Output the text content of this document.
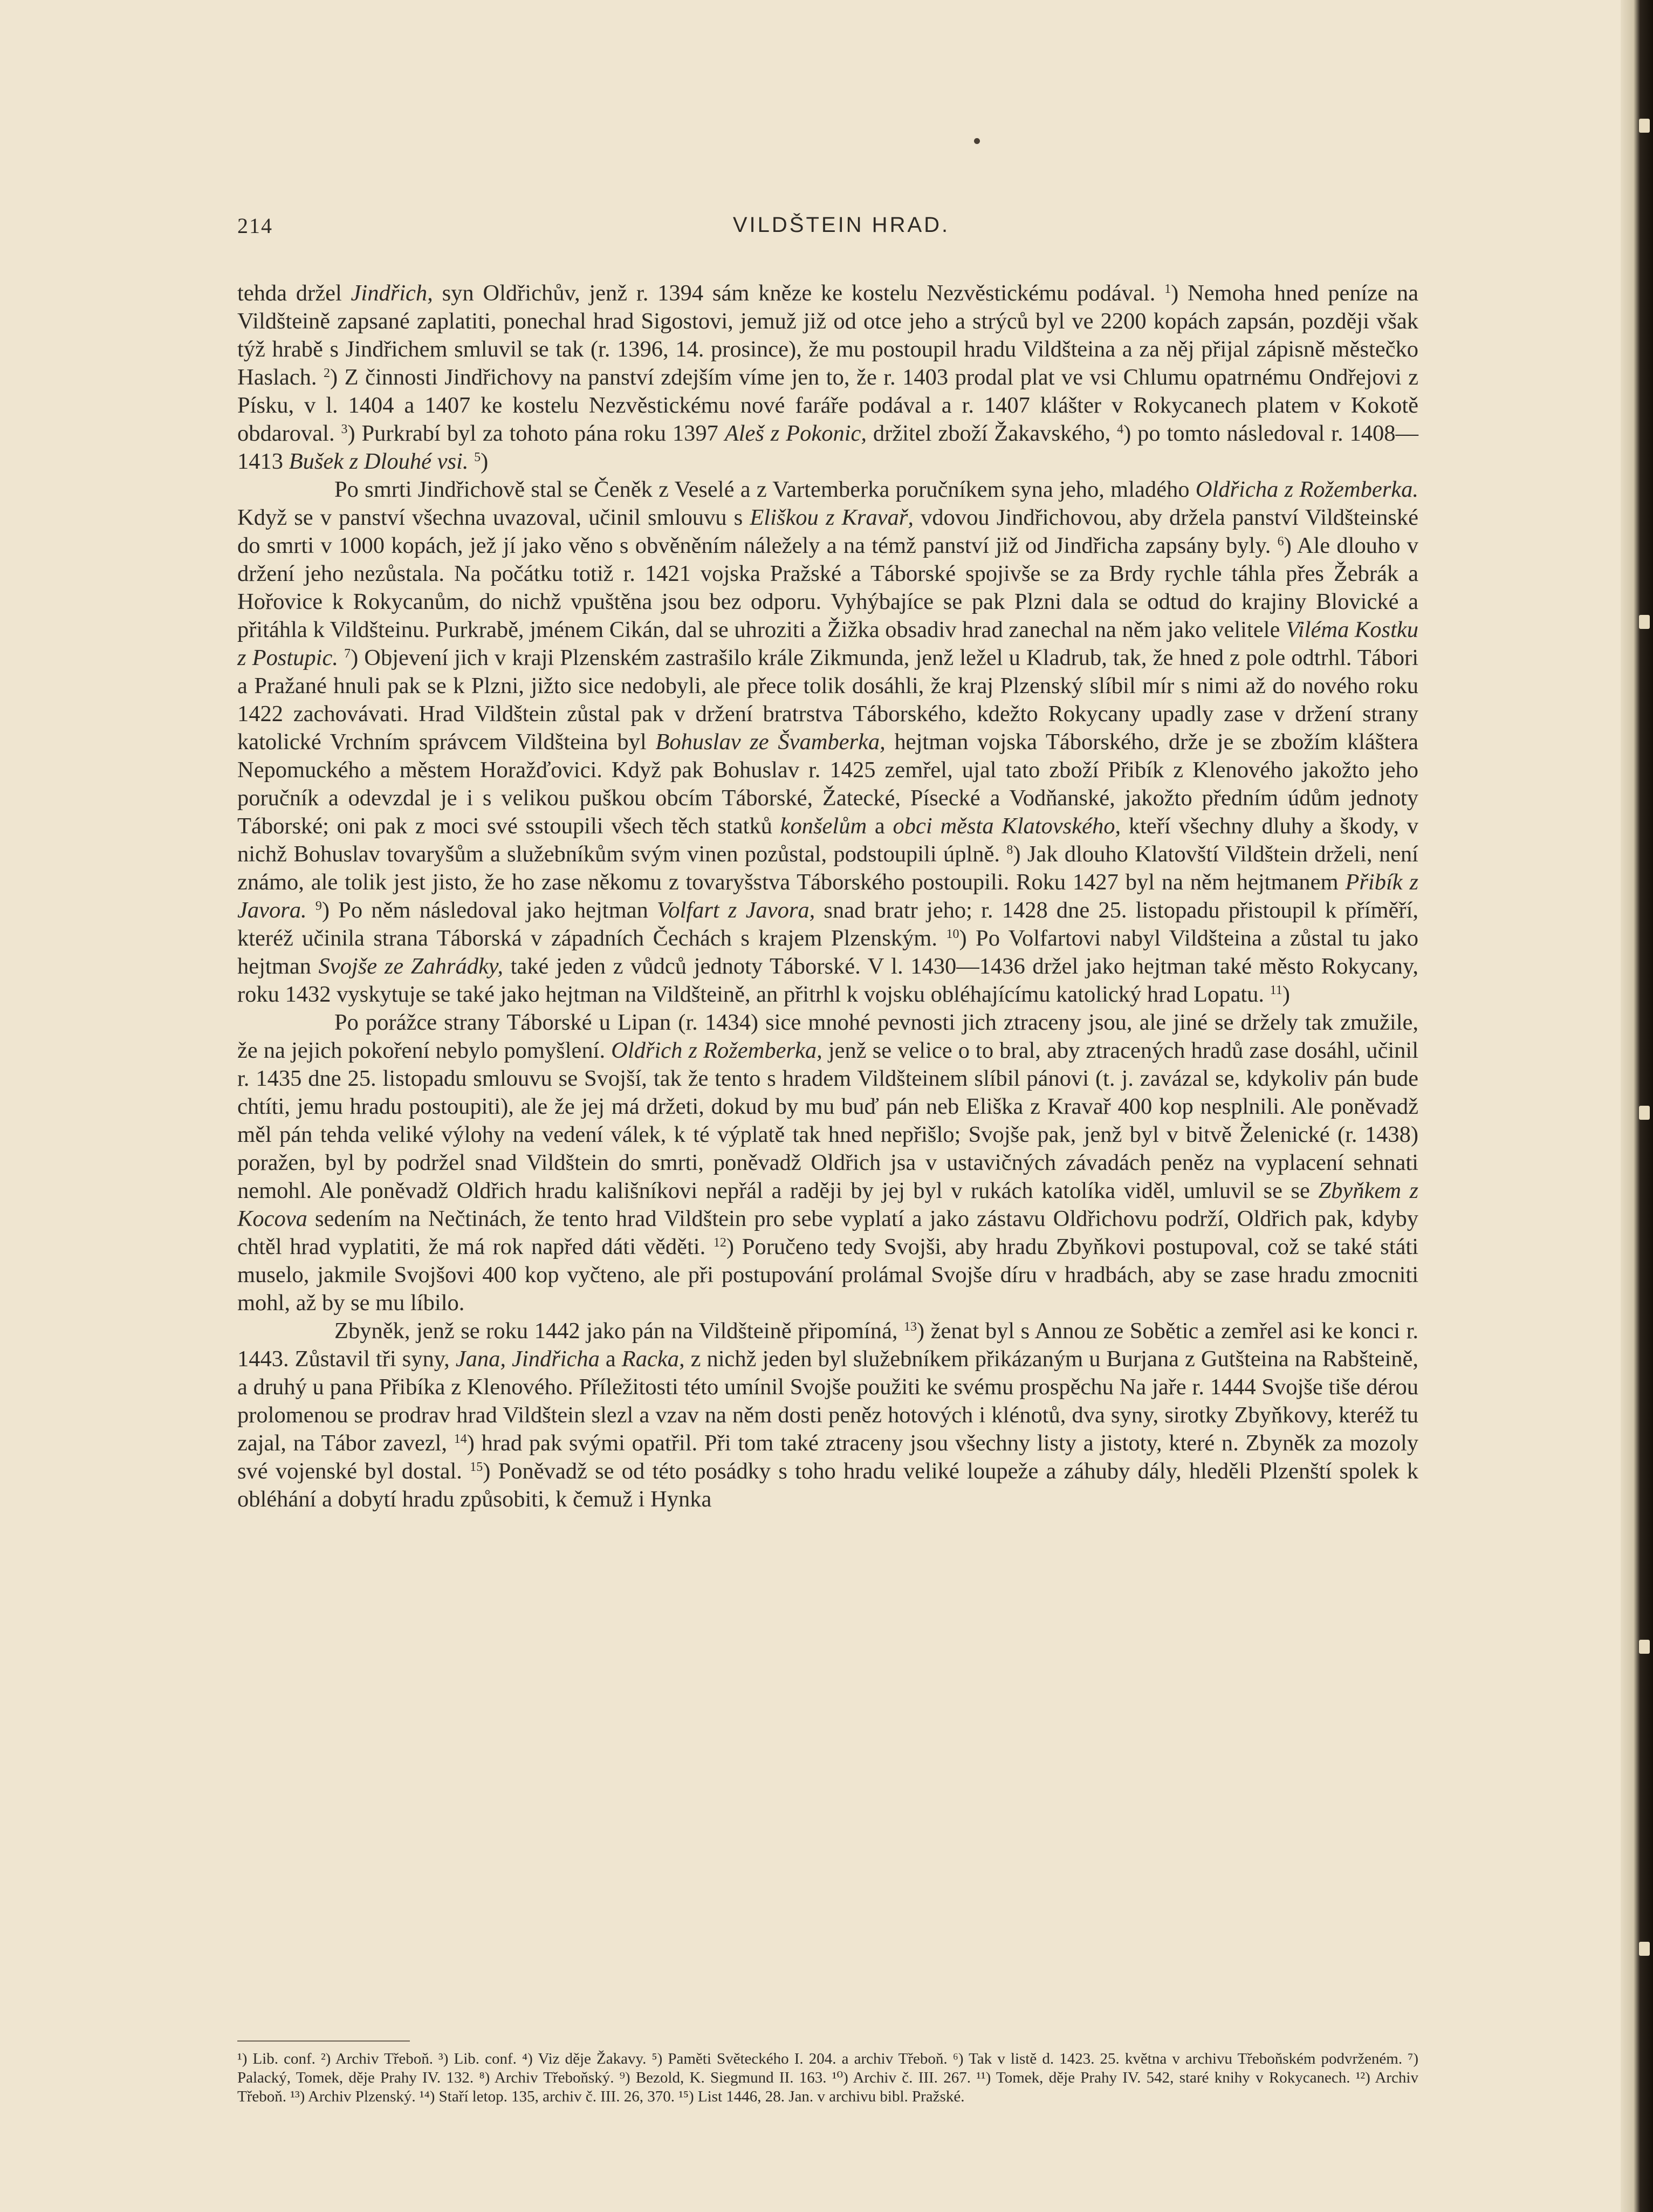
214	VILDŠTEIN HRAD.

tehda držel Jindřich, syn Oldřichův, jenž r. 1394 sám kněze ke kostelu Nezvěstickému podával. $^1$) Nemoha hned peníze na Vildšteině zapsané zaplatiti, ponechal hrad Sigostovi, jemuž již od otce jeho a strýců byl ve 2200 kopách zapsán, později však týž hrabě s Jindřichem smluvil se tak (r. 1396, 14. prosince), že mu postoupil hradu Vildšteina a za něj přijal zápisně městečko Haslach. $^2$) Z činnosti Jindřichovy na panství zdejším víme jen to, že r. 1403 prodal plat ve vsi Chlumu opatrnému Ondřejovi z Písku, v l. 1404 a 1407 ke kostelu Nezvěstickému nové faráře podával a r. 1407 klášter v Rokycanech platem v Kokotě obdaroval. $^3$) Purkrabí byl za tohoto pána roku 1397 Aleš z Pokonic, držitel zboží Žakavského, $^4$) po tomto následoval r. 1408—1413 Bušek z Dlouhé vsi. $^5$)

Po smrti Jindřichově stal se Čeněk z Veselé a z Vartemberka poručníkem syna jeho, mladého Oldřicha z Rožemberka. Když se v panství všechna uvazoval, učinil smlouvu s Eliškou z Kravař, vdovou Jindřichovou, aby držela panství Vildšteinské do smrti v 1000 kopách, jež jí jako věno s obvěněním náležely a na témž panství již od Jindřicha zapsány byly. $^6$) Ale dlouho v držení jeho nezůstala. Na počátku totiž r. 1421 vojska Pražské a Táborské spojivše se za Brdy rychle táhla přes Žebrák a Hořovice k Rokycanům, do nichž vpuštěna jsou bez odporu. Vyhýbajíce se pak Plzni dala se odtud do krajiny Blovické a přitáhla k Vildšteinu. Purkrabě, jménem Cikán, dal se uhroziti a Žižka obsadiv hrad zanechal na něm jako velitele Viléma Kostku z Postupic. $^7$) Objevení jich v kraji Plzenském zastrašilo krále Zikmunda, jenž ležel u Kladrub, tak, že hned z pole odtrhl. Tábori a Pražané hnuli pak se k Plzni, jižto sice nedobyli, ale přece tolik dosáhli, že kraj Plzenský slíbil mír s nimi až do nového roku 1422 zachovávati. Hrad Vildštein zůstal pak v držení bratrstva Táborského, kdežto Rokycany upadly zase v držení strany katolické Vrchním správcem Vildšteina byl Bohuslav ze Švamberka, hejtman vojska Táborského, drže je se zbožím kláštera Nepomuckého a městem Horažďovici. Když pak Bohuslav r. 1425 zemřel, ujal tato zboží Přibík z Klenového jakožto jeho poručník a odevzdal je i s velikou puškou obcím Táborské, Žatecké, Písecké a Vodňanské, jakožto předním údům jednoty Táborské; oni pak z moci své sstoupili všech těch statků konšelům a obci města Klatovského, kteří všechny dluhy a škody, v nichž Bohuslav tovaryšům a služebníkům svým vinen pozůstal, podstoupili úplně. $^8$) Jak dlouho Klatovští Vildštein drželi, není známo, ale tolik jest jisto, že ho zase někomu z tovaryšstva Táborského postoupili. Roku 1427 byl na něm hejtmanem Přibík z Javora. $^9$) Po něm následoval jako hejtman Volfart z Javora, snad bratr jeho; r. 1428 dne 25. listopadu přistoupil k příměří, kteréž učinila strana Táborská v západních Čechách s krajem Plzenským. $^{10}$) Po Volfartovi nabyl Vildšteina a zůstal tu jako hejtman Svojše ze Zahrádky, také jeden z vůdců jednoty Táborské. V l. 1430—1436 držel jako hejtman také město Rokycany, roku 1432 vyskytuje se také jako hejtman na Vildšteině, an přitrhl k vojsku obléhajícímu katolický hrad Lopatu. $^{11}$)

Po porážce strany Táborské u Lipan (r. 1434) sice mnohé pevnosti jich ztraceny jsou, ale jiné se držely tak zmužile, že na jejich pokoření nebylo pomyšlení. Oldřich z Rožemberka, jenž se velice o to bral, aby ztracených hradů zase dosáhl, učinil r. 1435 dne 25. listopadu smlouvu se Svojší, tak že tento s hradem Vildšteinem slíbil pánovi (t. j. zavázal se, kdykoliv pán bude chtíti, jemu hradu postoupiti), ale že jej má držeti, dokud by mu buď pán neb Eliška z Kravař 400 kop nesplnili. Ale poněvadž měl pán tehda veliké výlohy na vedení válek, k té výplatě tak hned nepřišlo; Svojše pak, jenž byl v bitvě Želenické (r. 1438) poražen, byl by podržel snad Vildštein do smrti, poněvadž Oldřich jsa v ustavičných závadách peněz na vyplacení sehnati nemohl. Ale poněvadž Oldřich hradu kališníkovi nepřál a raději by jej byl v rukách katolíka viděl, umluvil se se Zbyňkem z Kocova sedením na Nečtinách, že tento hrad Vildštein pro sebe vyplatí a jako zástavu Oldřichovu podrží, Oldřich pak, kdyby chtěl hrad vyplatiti, že má rok napřed dáti věděti. $^{12}$) Poručeno tedy Svojši, aby hradu Zbyňkovi postupoval, což se také státi muselo, jakmile Svojšovi 400 kop vyčteno, ale při postupování prolámal Svojše díru v hradbách, aby se zase hradu zmocniti mohl, až by se mu líbilo.

Zbyněk, jenž se roku 1442 jako pán na Vildšteině připomíná, $^{13}$) ženat byl s Annou ze Sobětic a zemřel asi ke konci r. 1443. Zůstavil tři syny, Jana, Jindřicha a Racka, z nichž jeden byl služebníkem přikázaným u Burjana z Gutšteina na Rabšteině, a druhý u pana Přibíka z Klenového. Příležitosti této umínil Svojše použiti ke svému prospěchu Na jaře r. 1444 Svojše tiše dérou prolomenou se prodrav hrad Vildštein slezl a vzav na něm dosti peněz hotových i klénotů, dva syny, sirotky Zbyňkovy, kteréž tu zajal, na Tábor zavezl, $^{14}$) hrad pak svými opatřil. Při tom také ztraceny jsou všechny listy a jistoty, které n. Zbyněk za mozoly své vojenské byl dostal. $^{15}$) Poněvadž se od této posádky s toho hradu veliké loupeže a záhuby dály, hleděli Plzenští spolek k obléhání a dobytí hradu způsobiti, k čemuž i Hynka

¹) Lib. conf. ²) Archiv Třeboň. ³) Lib. conf. ⁴) Viz děje Žakavy. ⁵) Paměti Světeckého I. 204. a archiv Třeboň. ⁶) Tak v listě d. 1423. 25. května v archivu Třeboňském podvrženém. ⁷) Palacký, Tomek, děje Prahy IV. 132. ⁸) Archiv Třeboňský. ⁹) Bezold, K. Siegmund II. 163. ¹⁰) Archiv č. III. 267. ¹¹) Tomek, děje Prahy IV. 542, staré knihy v Rokycanech. ¹²) Archiv Třeboň. ¹³) Archiv Plzenský. ¹⁴) Staří letop. 135, archiv č. III. 26, 370. ¹⁵) List 1446, 28. Jan. v archivu bibl. Pražské.
